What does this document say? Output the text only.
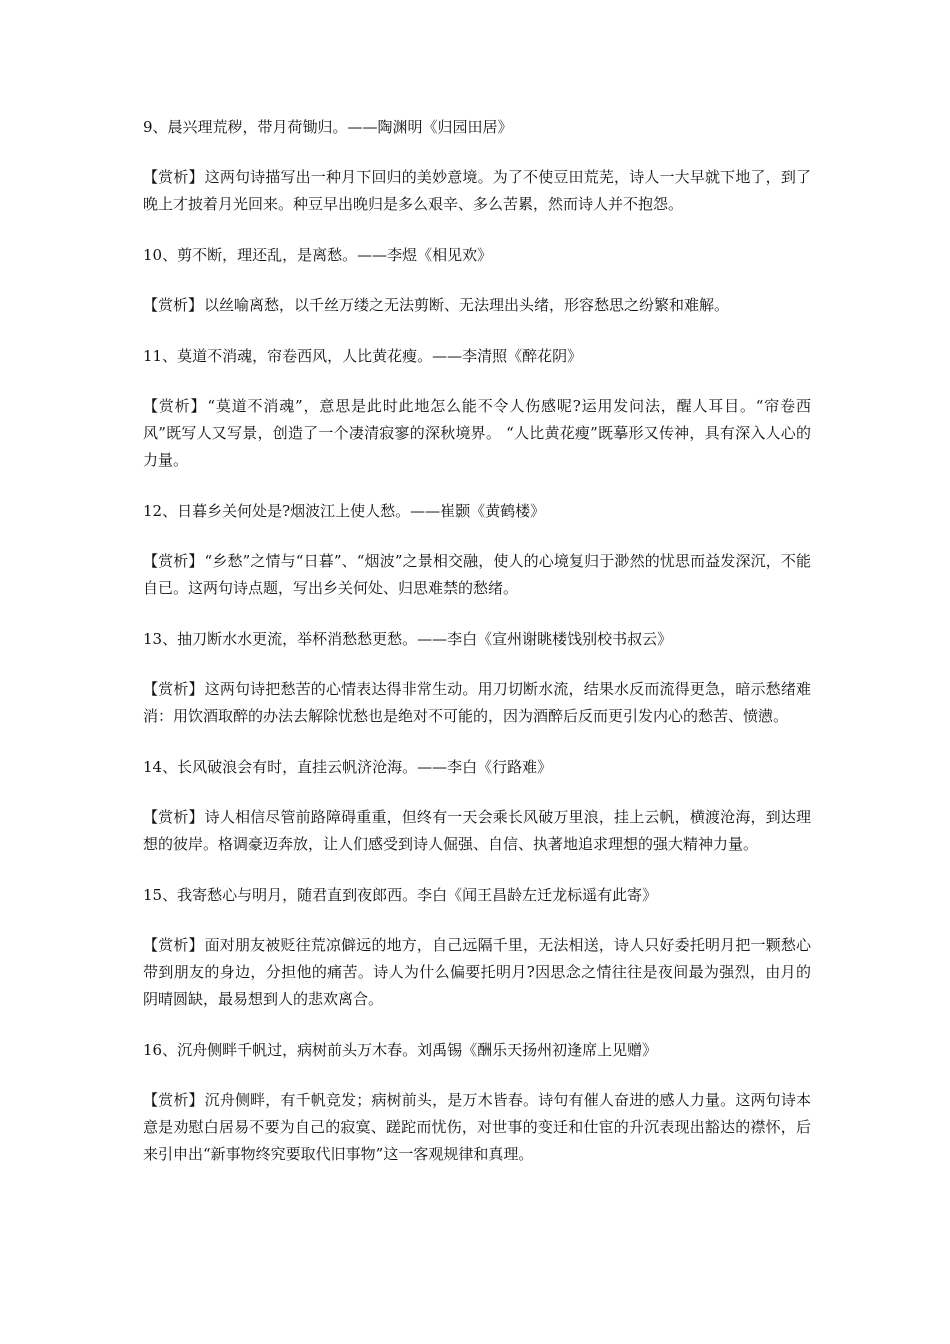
9、晨兴理荒秽，带月荷锄归。——陶渊明《归园田居》

【赏析】这两句诗描写出一种月下回归的美妙意境。为了不使豆田荒芜，诗人一大早就下地了，到了晚上才披着月光回来。种豆早出晚归是多么艰辛、多么苦累，然而诗人并不抱怨。

10、剪不断，理还乱，是离愁。——李煜《相见欢》

【赏析】以丝喻离愁，以千丝万缕之无法剪断、无法理出头绪，形容愁思之纷繁和难解。

11、莫道不消魂，帘卷西风，人比黄花瘦。——李清照《醉花阴》

【赏析】“莫道不消魂”，意思是此时此地怎么能不令人伤感呢?运用发问法，醒人耳目。“帘卷西风”既写人又写景，创造了一个凄清寂寥的深秋境界。 “人比黄花瘦”既摹形又传神，具有深入人心的力量。

12、日暮乡关何处是?烟波江上使人愁。——崔颢《黄鹤楼》

【赏析】“乡愁”之情与“日暮”、“烟波”之景相交融，使人的心境复归于渺然的忧思而益发深沉，不能自已。这两句诗点题，写出乡关何处、归思难禁的愁绪。

13、抽刀断水水更流，举杯消愁愁更愁。——李白《宣州谢眺楼饯别校书叔云》

【赏析】这两句诗把愁苦的心情表达得非常生动。用刀切断水流，结果水反而流得更急，暗示愁绪难消：用饮酒取醉的办法去解除忧愁也是绝对不可能的，因为酒醉后反而更引发内心的愁苦、愤懑。

14、长风破浪会有时，直挂云帆济沧海。——李白《行路难》

【赏析】诗人相信尽管前路障碍重重，但终有一天会乘长风破万里浪，挂上云帆，横渡沧海，到达理想的彼岸。格调豪迈奔放，让人们感受到诗人倔强、自信、执著地追求理想的强大精神力量。

15、我寄愁心与明月，随君直到夜郎西。李白《闻王昌龄左迁龙标遥有此寄》

【赏析】面对朋友被贬往荒凉僻远的地方，自己远隔千里，无法相送，诗人只好委托明月把一颗愁心带到朋友的身边，分担他的痛苦。诗人为什么偏要托明月?因思念之情往往是夜间最为强烈，由月的阴晴圆缺，最易想到人的悲欢离合。

16、沉舟侧畔千帆过，病树前头万木春。刘禹锡《酬乐天扬州初逢席上见赠》

【赏析】沉舟侧畔，有千帆竞发；病树前头，是万木皆春。诗句有催人奋进的感人力量。这两句诗本意是劝慰白居易不要为自己的寂寞、蹉跎而忧伤，对世事的变迁和仕宦的升沉表现出豁达的襟怀，后来引申出“新事物终究要取代旧事物”这一客观规律和真理。
